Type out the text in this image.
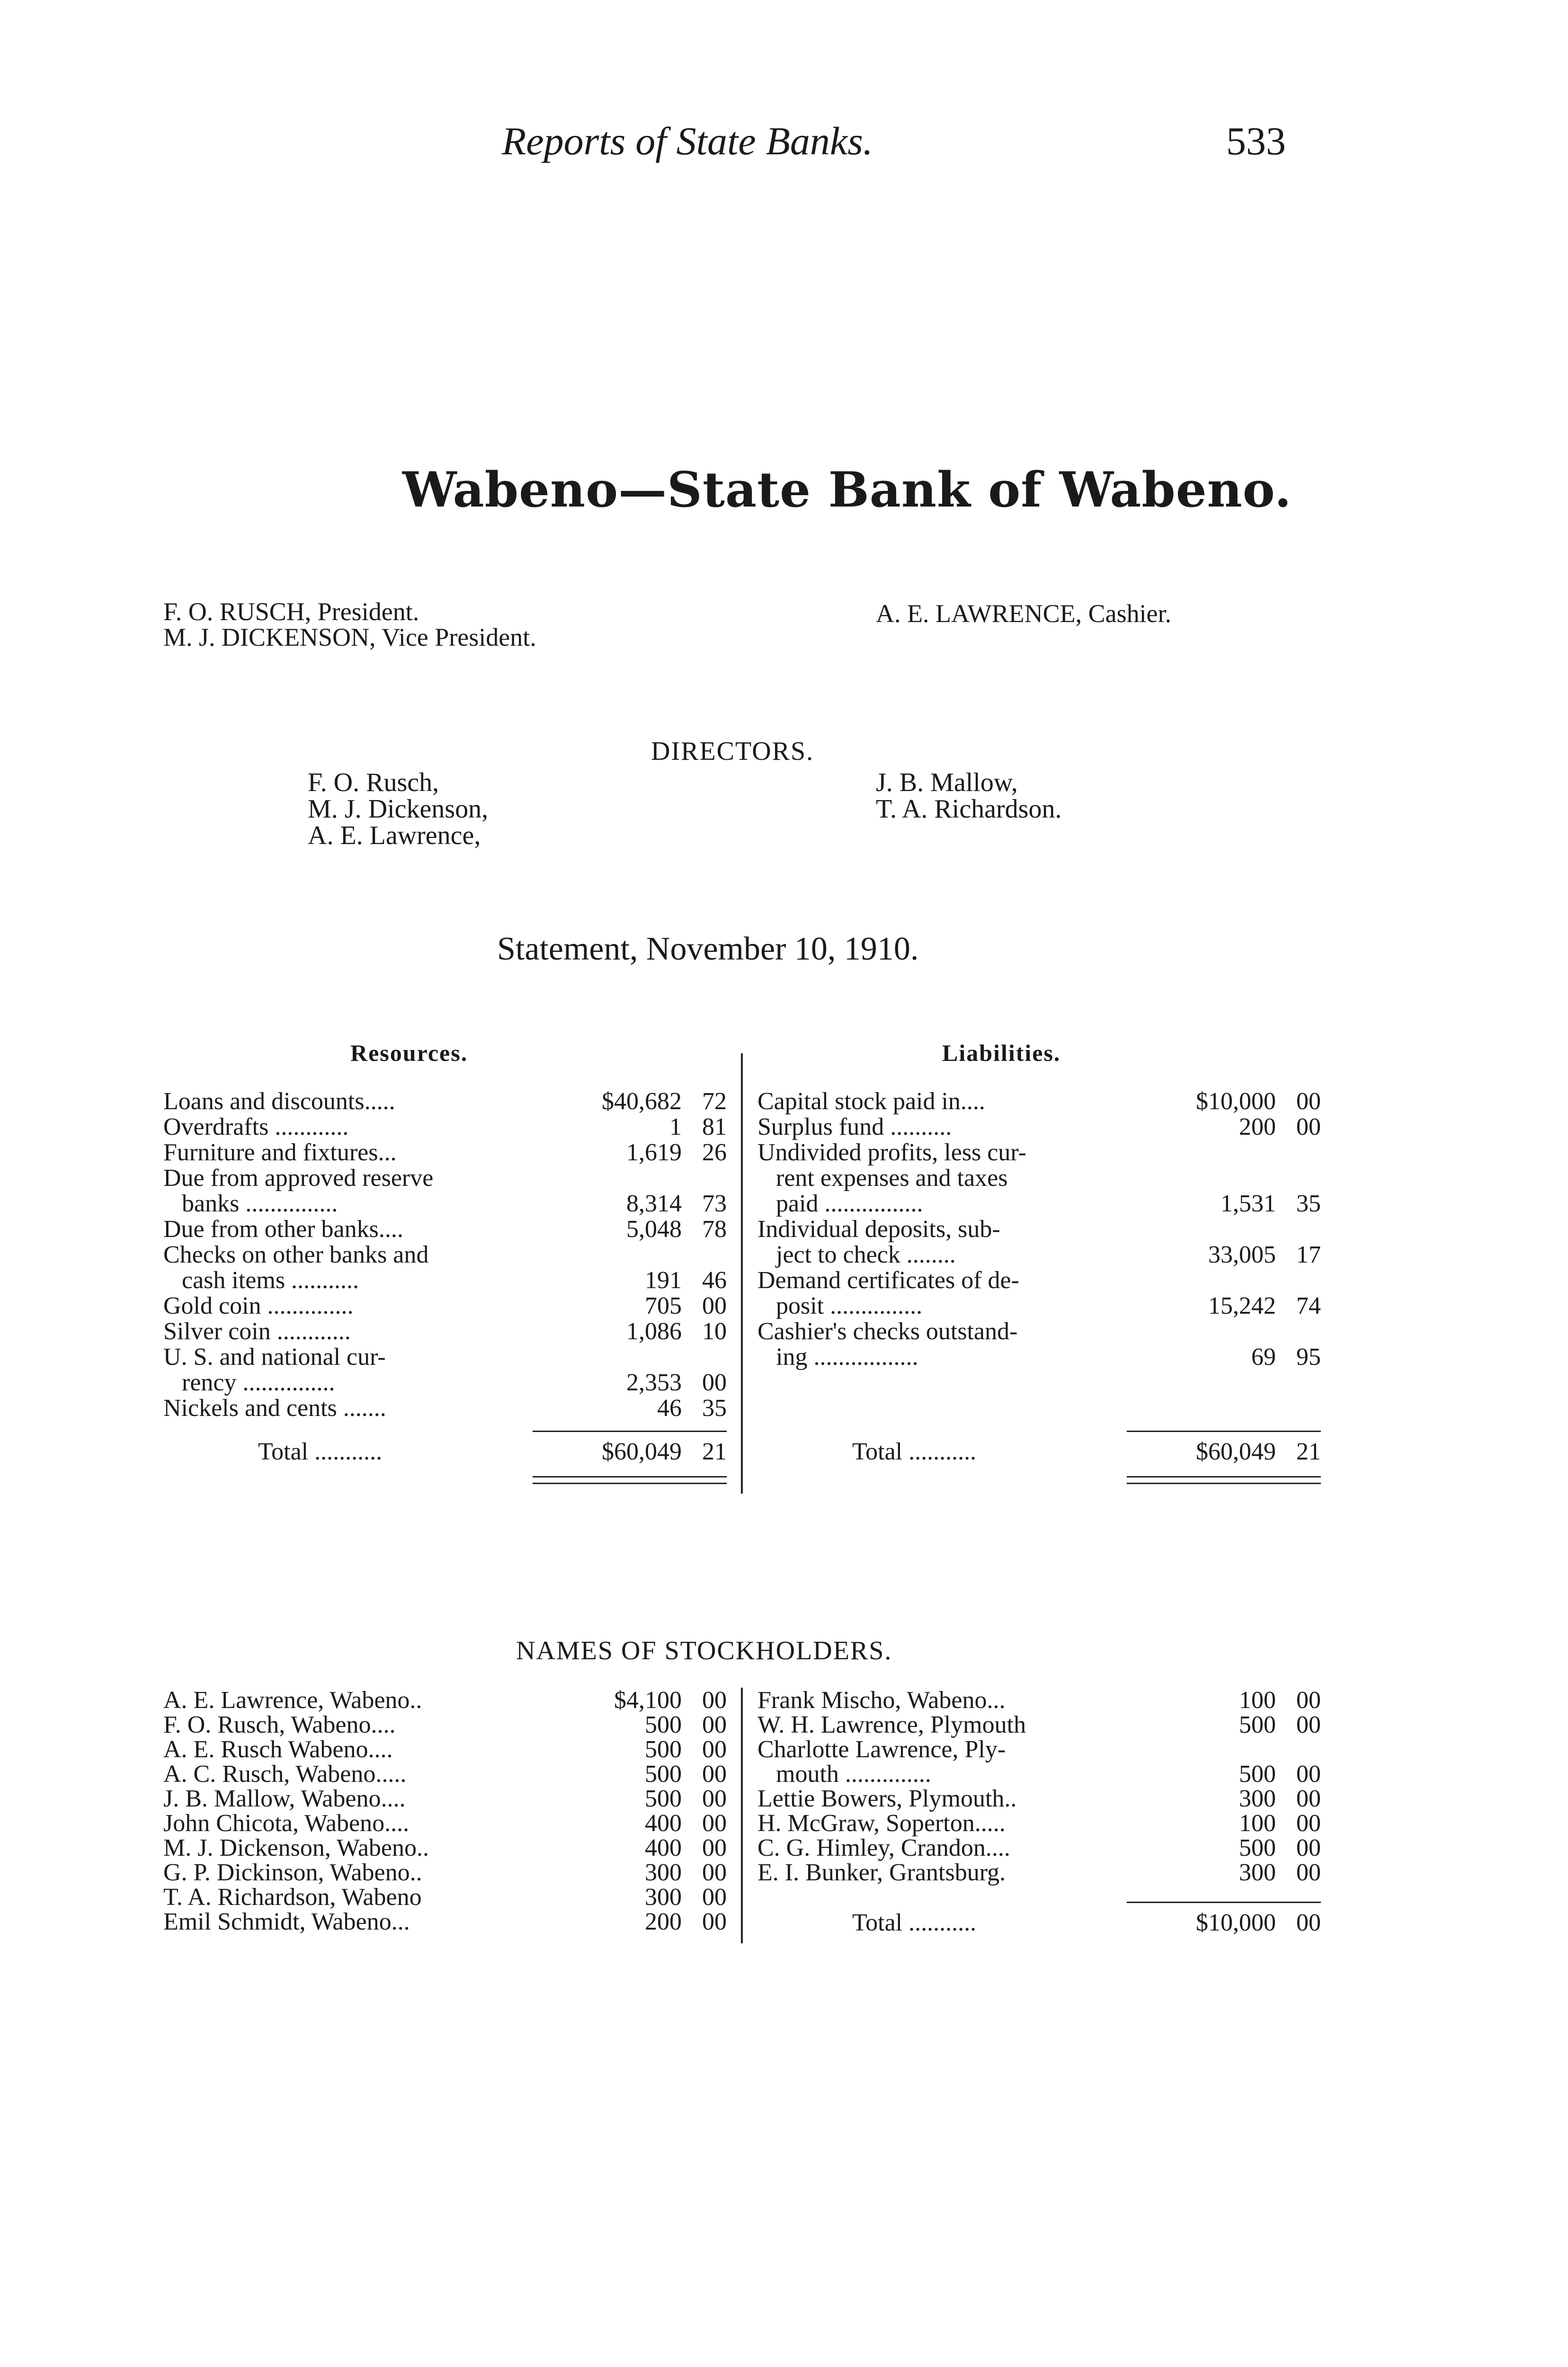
Reports of State Banks.	533
Wabeno—State Bank of Wabeno.
F. O. RUSCH, President.
M. J. DICKENSON, Vice President.
A. E. LAWRENCE, Cashier.
DIRECTORS.
F. O. Rusch,
M. J. Dickenson,
A. E. Lawrence,
J. B. Mallow,
T. A. Richardson.
Statement, November 10, 1910.
Resources.	Liabilities.
Loans and discounts.....	$40,682 72
Overdrafts ............	1 81
Furniture and fixtures...	1,619 26
Due from approved reserve
banks ...............	8,314 73
Due from other banks....	5,048 78
Checks on other banks and
cash items ...........	191 46
Gold coin ..............	705 00
Silver coin ............	1,086 10
U. S. and national cur-
rency ...............	2,353 00
Nickels and cents .......	46 35
Total ...........	$60,049 21
Capital stock paid in....	$10,000 00
Surplus fund ..........	200 00
Undivided profits, less cur-
rent expenses and taxes
paid ................	1,531 35
Individual deposits, sub-
ject to check ........	33,005 17
Demand certificates of de-
posit ...............	15,242 74
Cashier's checks outstand-
ing .................	69 95
Total ...........	$60,049 21
NAMES OF STOCKHOLDERS.
A. E. Lawrence, Wabeno..	$4,100 00
F. O. Rusch, Wabeno....	500 00
A. E. Rusch Wabeno....	500 00
A. C. Rusch, Wabeno.....	500 00
J. B. Mallow, Wabeno....	500 00
John Chicota, Wabeno....	400 00
M. J. Dickenson, Wabeno..	400 00
G. P. Dickinson, Wabeno..	300 00
T. A. Richardson, Wabeno	300 00
Emil Schmidt, Wabeno...	200 00
Frank Mischo, Wabeno...	100 00
W. H. Lawrence, Plymouth	500 00
Charlotte Lawrence, Ply-
mouth ..............	500 00
Lettie Bowers, Plymouth..	300 00
H. McGraw, Soperton.....	100 00
C. G. Himley, Crandon....	500 00
E. I. Bunker, Grantsburg.	300 00
Total ...........	$10,000 00
